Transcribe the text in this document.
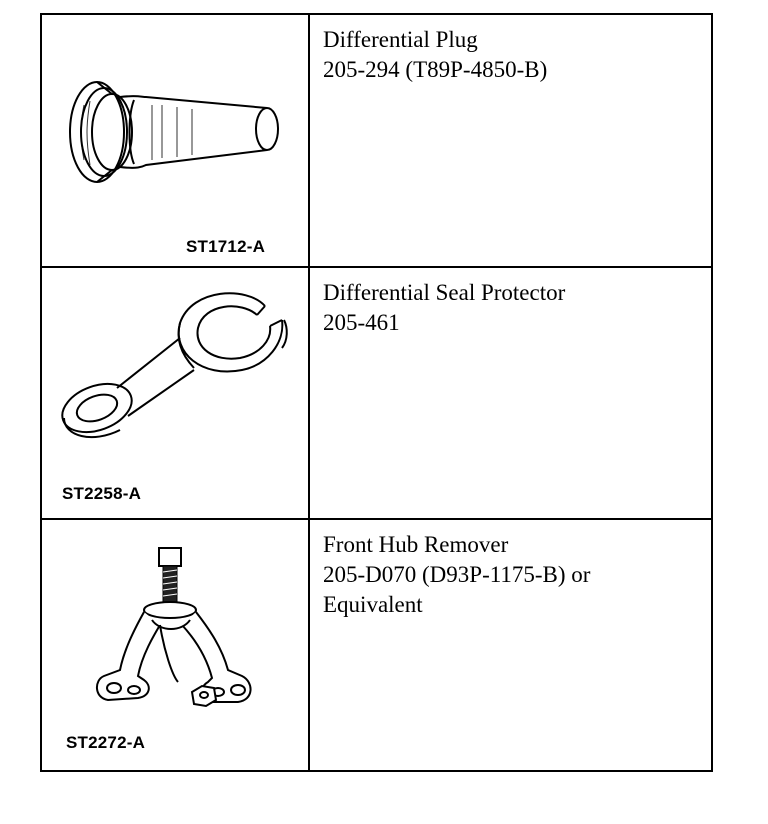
ST1712-A	Differential Plug
205-294 (T89P-4850-B)

ST2258-A	Differential Seal Protector
205-461

ST2272-A	Front Hub Remover
205-D070 (D93P-1175-B) or
Equivalent
